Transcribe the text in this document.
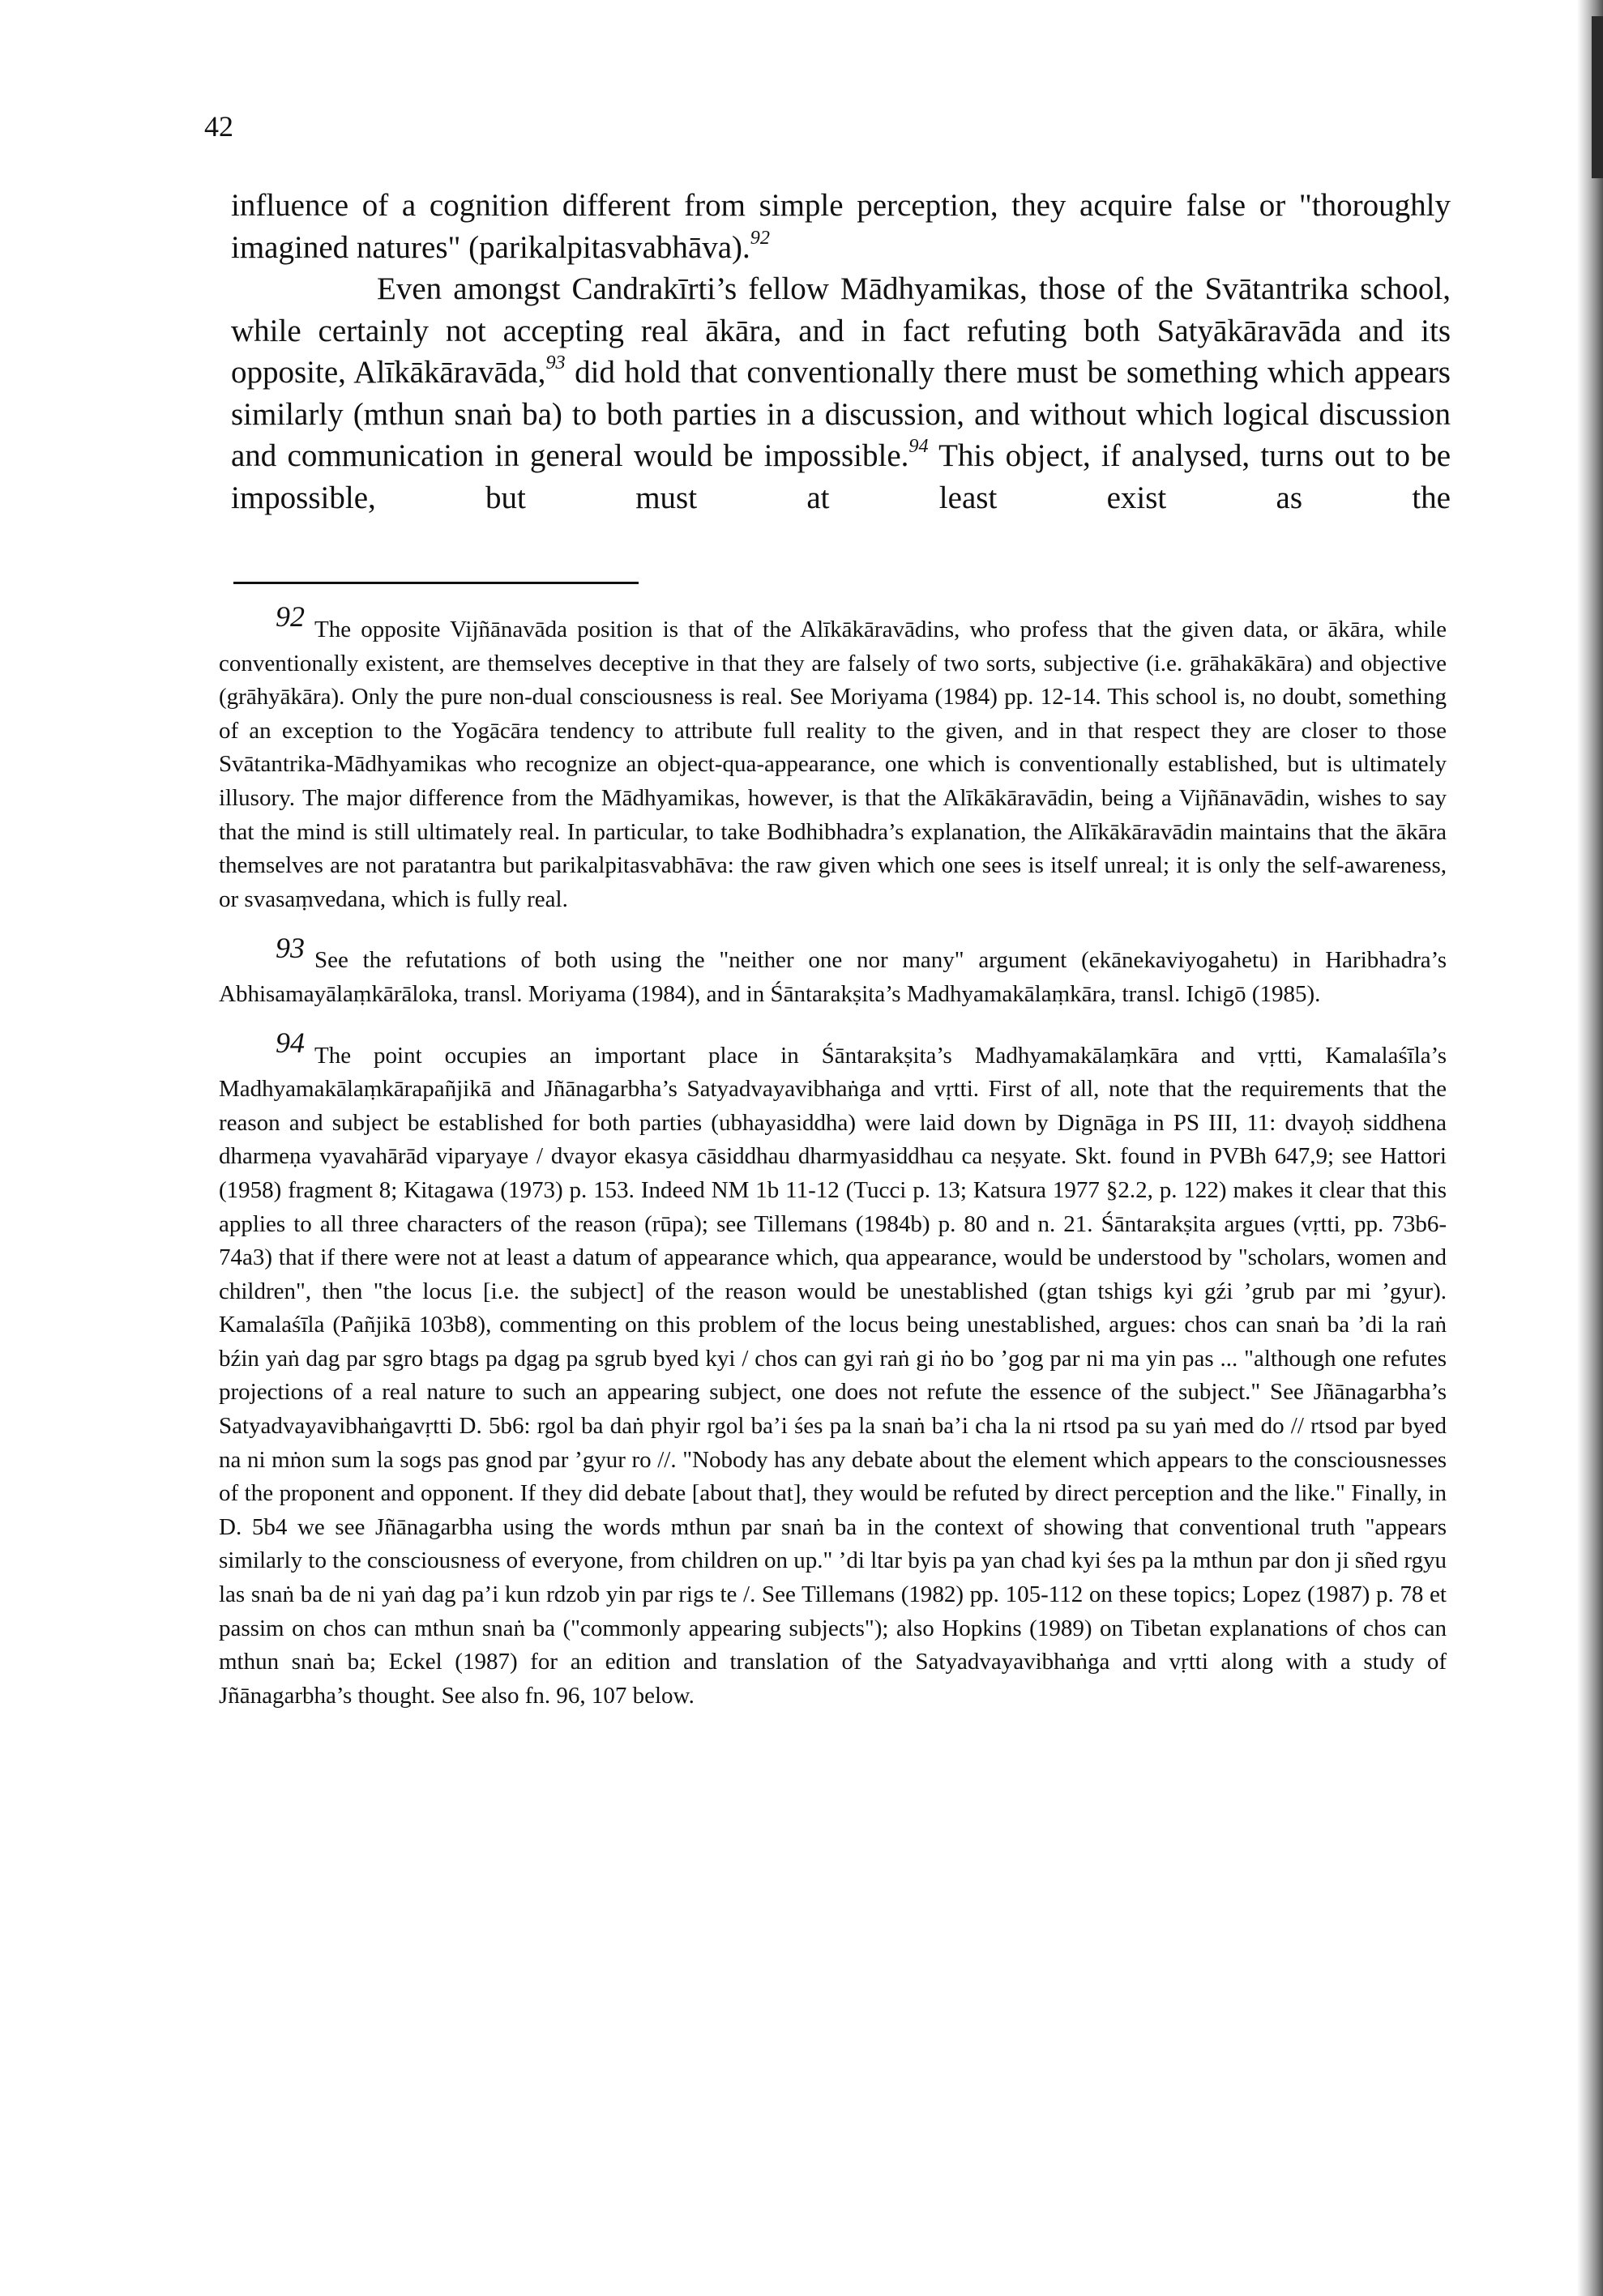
42

influence of a cognition different from simple perception, they acquire false or "thoroughly imagined natures" (parikalpitasvabhāva).$^{92}$

Even amongst Candrakīrti’s fellow Mādhyamikas, those of the Svātantrika school, while certainly not accepting real ākāra, and in fact refuting both Satyākāravāda and its opposite, Alīkākāravāda,$^{93}$ did hold that conventionally there must be something which appears similarly (mthun snaṅ ba) to both parties in a discussion, and without which logical discussion and communication in general would be impossible.$^{94}$ This object, if analysed, turns out to be impossible, but must at least exist as the

92 The opposite Vijñānavāda position is that of the Alīkākāravādins, who profess that the given data, or ākāra, while conventionally existent, are themselves deceptive in that they are falsely of two sorts, subjective (i.e. grāhakākāra) and objective (grāhyākāra). Only the pure non-dual consciousness is real. See Moriyama (1984) pp. 12-14. This school is, no doubt, something of an exception to the Yogācāra tendency to attribute full reality to the given, and in that respect they are closer to those Svātantrika-Mādhyamikas who recognize an object-qua-appearance, one which is conventionally established, but is ultimately illusory. The major difference from the Mādhyamikas, however, is that the Alīkākāravādin, being a Vijñānavādin, wishes to say that the mind is still ultimately real. In particular, to take Bodhibhadra’s explanation, the Alīkākāravādin maintains that the ākāra themselves are not paratantra but parikalpitasvabhāva: the raw given which one sees is itself unreal; it is only the self-awareness, or svasaṃvedana, which is fully real.

93 See the refutations of both using the "neither one nor many" argument (ekānekaviyogahetu) in Haribhadra’s Abhisamayālaṃkārāloka, transl. Moriyama (1984), and in Śāntarakṣita’s Madhyamakālaṃkāra, transl. Ichigō (1985).

94 The point occupies an important place in Śāntarakṣita’s Madhyamakālaṃkāra and vṛtti, Kamalaśīla’s Madhyamakālaṃkārapañjikā and Jñānagarbha’s Satyadvayavibhaṅga and vṛtti. First of all, note that the requirements that the reason and subject be established for both parties (ubhayasiddha) were laid down by Dignāga in PS III, 11: dvayoḥ siddhena dharmeṇa vyavahārād viparyaye / dvayor ekasya cāsiddhau dharmyasiddhau ca neṣyate. Skt. found in PVBh 647,9; see Hattori (1958) fragment 8; Kitagawa (1973) p. 153. Indeed NM 1b 11-12 (Tucci p. 13; Katsura 1977 §2.2, p. 122) makes it clear that this applies to all three characters of the reason (rūpa); see Tillemans (1984b) p. 80 and n. 21. Śāntarakṣita argues (vṛtti, pp. 73b6-74a3) that if there were not at least a datum of appearance which, qua appearance, would be understood by "scholars, women and children", then "the locus [i.e. the subject] of the reason would be unestablished (gtan tshigs kyi gźi ’grub par mi ’gyur). Kamalaśīla (Pañjikā 103b8), commenting on this problem of the locus being unestablished, argues: chos can snaṅ ba ’di la raṅ bźin yaṅ dag par sgro btags pa dgag pa sgrub byed kyi / chos can gyi raṅ gi ṅo bo ’gog par ni ma yin pas ... "although one refutes projections of a real nature to such an appearing subject, one does not refute the essence of the subject." See Jñānagarbha’s Satyadvayavibhaṅgavṛtti D. 5b6: rgol ba daṅ phyir rgol ba’i śes pa la snaṅ ba’i cha la ni rtsod pa su yaṅ med do // rtsod par byed na ni mṅon sum la sogs pas gnod par ’gyur ro //. "Nobody has any debate about the element which appears to the consciousnesses of the proponent and opponent. If they did debate [about that], they would be refuted by direct perception and the like." Finally, in D. 5b4 we see Jñānagarbha using the words mthun par snaṅ ba in the context of showing that conventional truth "appears similarly to the consciousness of everyone, from children on up." ’di ltar byis pa yan chad kyi śes pa la mthun par don ji sñed rgyu las snaṅ ba de ni yaṅ dag pa’i kun rdzob yin par rigs te /. See Tillemans (1982) pp. 105-112 on these topics; Lopez (1987) p. 78 et passim on chos can mthun snaṅ ba ("commonly appearing subjects"); also Hopkins (1989) on Tibetan explanations of chos can mthun snaṅ ba; Eckel (1987) for an edition and translation of the Satyadvayavibhaṅga and vṛtti along with a study of Jñānagarbha’s thought. See also fn. 96, 107 below.
